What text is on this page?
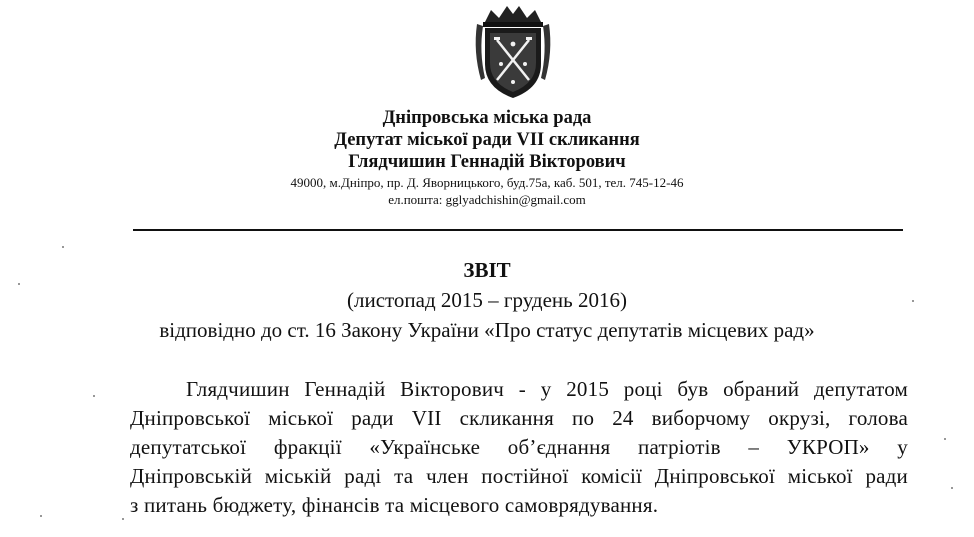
Дніпровська міська рада
Депутат міської ради VII скликання
Глядчишин Геннадій Вікторович
49000, м.Дніпро, пр. Д. Яворницького, буд.75а, каб. 501, тел. 745-12-46
ел.пошта: gglyadchishin@gmail.com
ЗВІТ
(листопад 2015 – грудень 2016)
відповідно до ст. 16 Закону України «Про статус депутатів місцевих рад»
Глядчишин Геннадій Вікторович - у 2015 році був обраний депутатом
Дніпровської міської ради VII скликання по 24 виборчому окрузі, голова
депутатської фракції «Українське об’єднання патріотів – УКРОП» у
Дніпровській міській раді та член постійної комісії Дніпровської міської ради
з питань бюджету, фінансів та місцевого самоврядування.
